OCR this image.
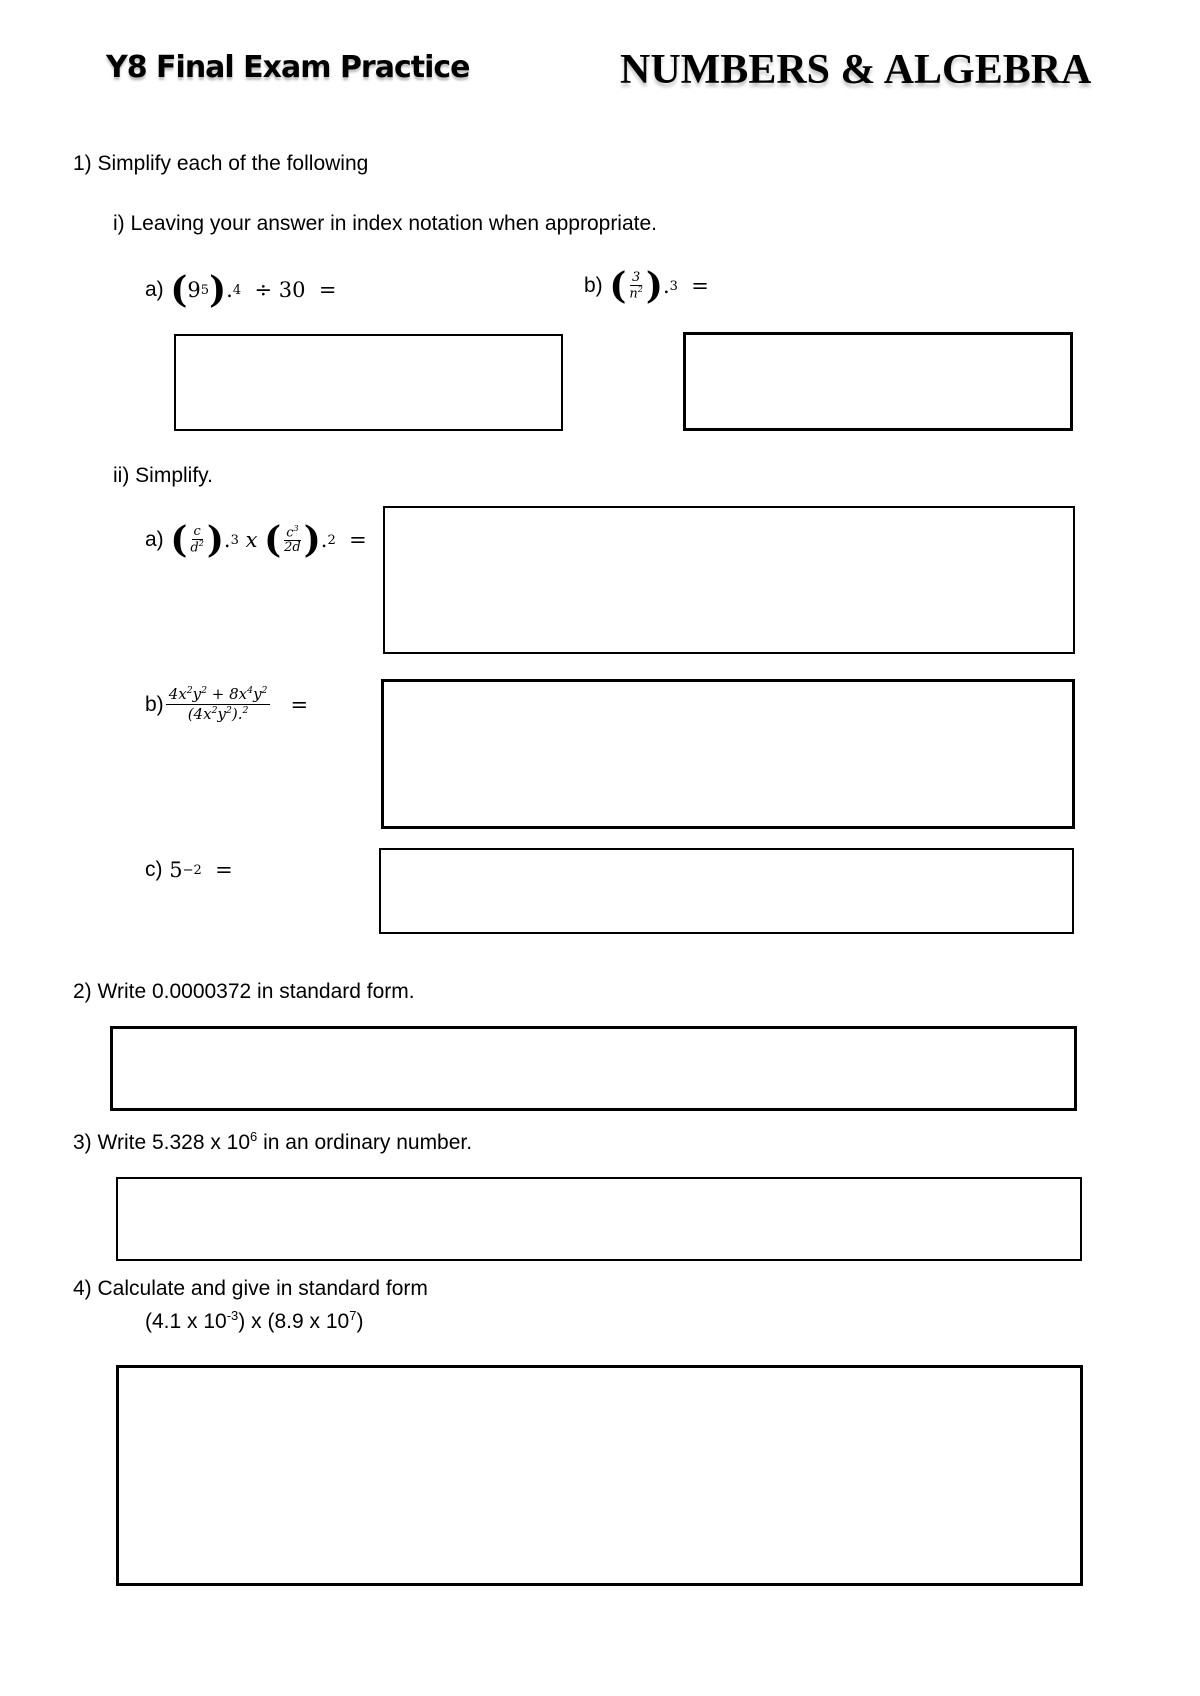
Y8 Final Exam Practice	NUMBERS & ALGEBRA
1) Simplify each of the following
i) Leaving your answer in index notation when appropriate.
a)
( 9 5 ) . 4
÷ 30
=	b)
( $\frac{3}{n^2}$ ) . 3
=
ii) Simplify.
a)
( $\frac{c}{d^2}$ ) . 3
x
( $\frac{c^3}{2d}$ ) . 2
=
$b) \frac{4x^2y^2 + 8x^4y^2}{(4x^2y^2).^2}$
=
c)
5 −2
=
2) Write 0.0000372 in standard form.
3) Write 5.328 x $10^6$ in an ordinary number.
4) Calculate and give in standard form
(4.1 x $10^{-3}$) x (8.9 x $10^7$)
